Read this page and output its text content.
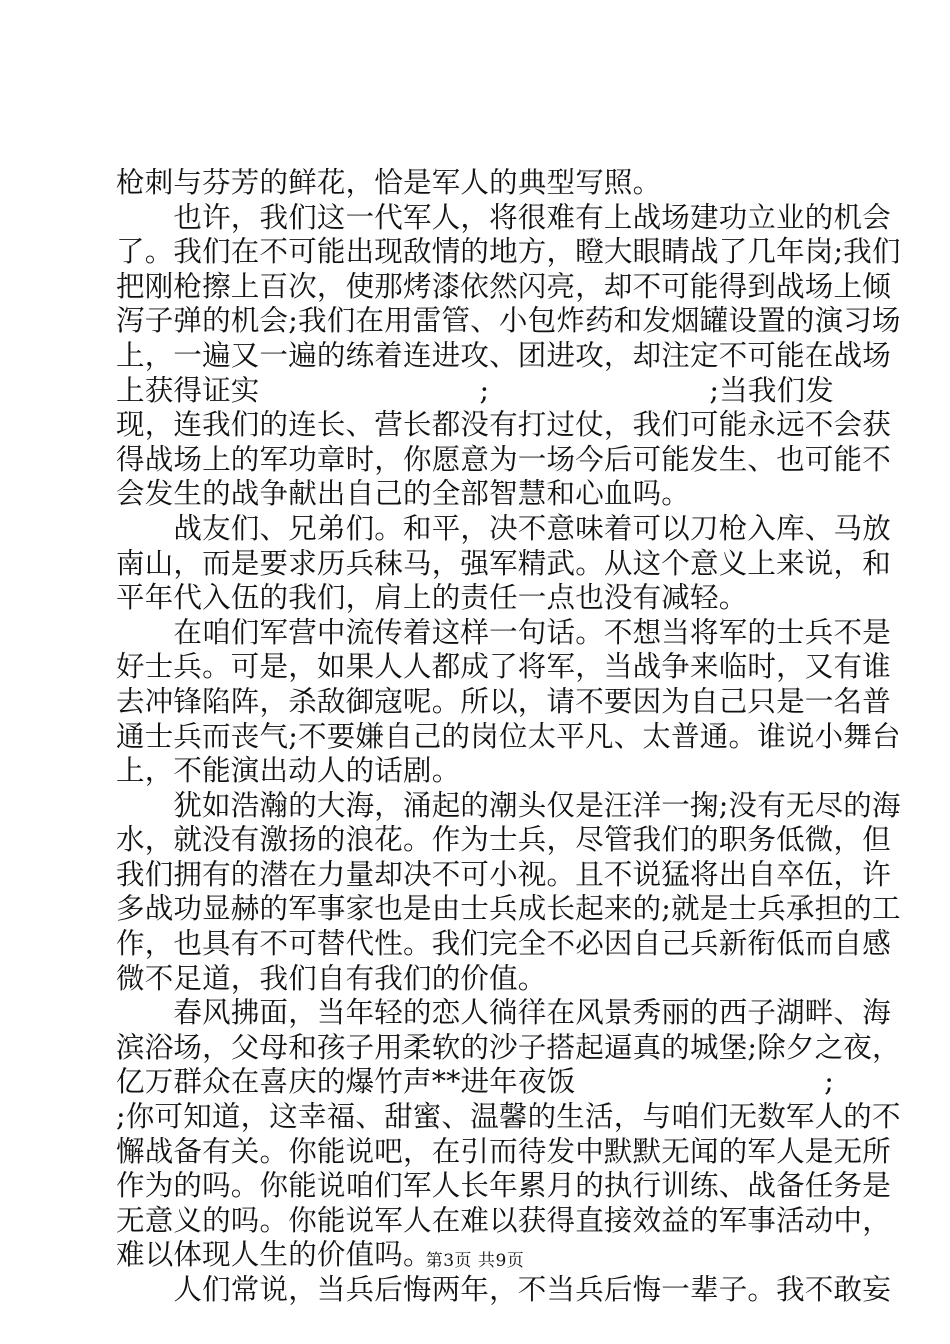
枪刺与芬芳的鲜花，恰是军人的典型写照。
　　也许，我们这一代军人，将很难有上战场建功立业的机会
了。我们在不可能出现敌情的地方，瞪大眼睛战了几年岗;我们
把刚枪擦上百次，使那烤漆依然闪亮，却不可能得到战场上倾
泻子弹的机会;我们在用雷管、小包炸药和发烟罐设置的演习场
上，一遍又一遍的练着连进攻、团进攻，却注定不可能在战场
上获得证实	;	;当我们发
现，连我们的连长、营长都没有打过仗，我们可能永远不会获
得战场上的军功章时，你愿意为一场今后可能发生、也可能不
会发生的战争献出自己的全部智慧和心血吗。
　　战友们、兄弟们。和平，决不意味着可以刀枪入库、马放
南山，而是要求历兵秣马，强军精武。从这个意义上来说，和
平年代入伍的我们，肩上的责任一点也没有减轻。
　　在咱们军营中流传着这样一句话。不想当将军的士兵不是
好士兵。可是，如果人人都成了将军，当战争来临时，又有谁
去冲锋陷阵，杀敌御寇呢。所以，请不要因为自己只是一名普
通士兵而丧气;不要嫌自己的岗位太平凡、太普通。谁说小舞台
上，不能演出动人的话剧。
　　犹如浩瀚的大海，涌起的潮头仅是汪洋一掬;没有无尽的海
水，就没有激扬的浪花。作为士兵，尽管我们的职务低微，但
我们拥有的潜在力量却决不可小视。且不说猛将出自卒伍，许
多战功显赫的军事家也是由士兵成长起来的;就是士兵承担的工
作，也具有不可替代性。我们完全不必因自己兵新衔低而自感
微不足道，我们自有我们的价值。
　　春风拂面，当年轻的恋人徜徉在风景秀丽的西子湖畔、海
滨浴场，父母和孩子用柔软的沙子搭起逼真的城堡;除夕之夜，
亿万群众在喜庆的爆竹声**进年夜饭	;
;你可知道，这幸福、甜蜜、温馨的生活，与咱们无数军人的不
懈战备有关。你能说吧，在引而待发中默默无闻的军人是无所
作为的吗。你能说咱们军人长年累月的执行训练、战备任务是
无意义的吗。你能说军人在难以获得直接效益的军事活动中，
难以体现人生的价值吗。
　　人们常说，当兵后悔两年，不当兵后悔一辈子。我不敢妄
第3页 共9页
